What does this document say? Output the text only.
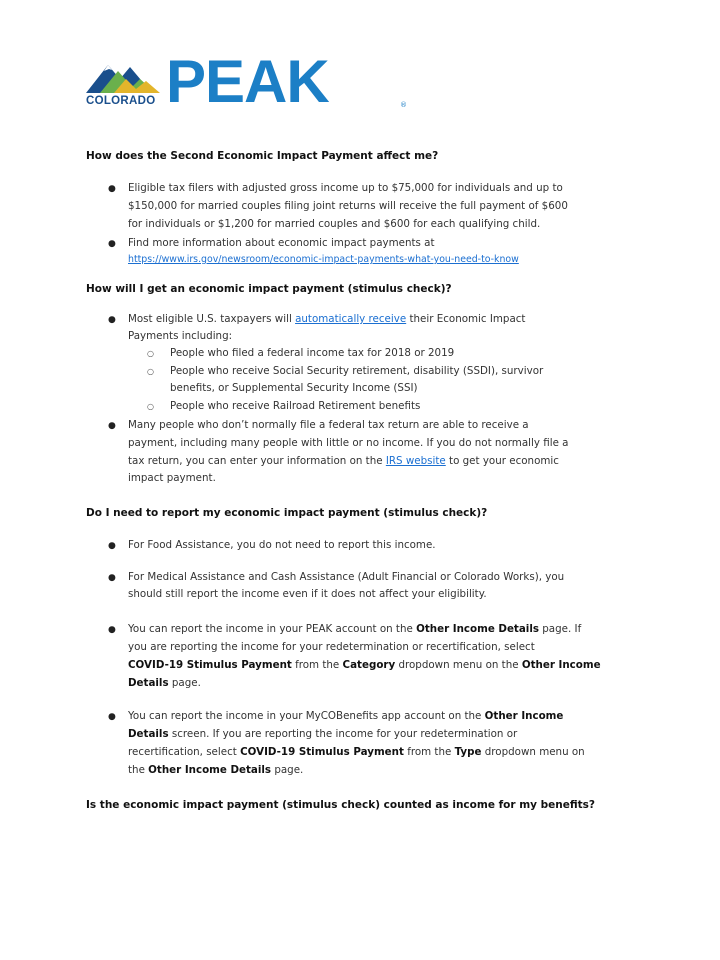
COLORADO PEAK	®
How does the Second Economic Impact Payment affect me?
● Eligible tax filers with adjusted gross income up to $75,000 for individuals and up to
$150,000 for married couples filing joint returns will receive the full payment of $600
for individuals or $1,200 for married couples and $600 for each qualifying child.
● Find more information about economic impact payments at
https://www.irs.gov/newsroom/economic-impact-payments-what-you-need-to-know
How will I get an economic impact payment (stimulus check)?
● Most eligible U.S. taxpayers will automatically receive their Economic Impact
Payments including:
○ People who filed a federal income tax for 2018 or 2019
○ People who receive Social Security retirement, disability (SSDI), survivor
benefits, or Supplemental Security Income (SSI)
○ People who receive Railroad Retirement benefits
● Many people who don’t normally file a federal tax return are able to receive a
payment, including many people with little or no income. If you do not normally file a
tax return, you can enter your information on the IRS website to get your economic
impact payment.
Do I need to report my economic impact payment (stimulus check)?
● For Food Assistance, you do not need to report this income.
● For Medical Assistance and Cash Assistance (Adult Financial or Colorado Works), you
should still report the income even if it does not affect your eligibility.
● You can report the income in your PEAK account on the Other Income Details page. If
you are reporting the income for your redetermination or recertification, select
COVID-19 Stimulus Payment from the Category dropdown menu on the Other Income
Details page.
● You can report the income in your MyCOBenefits app account on the Other Income
Details screen. If you are reporting the income for your redetermination or
recertification, select COVID-19 Stimulus Payment from the Type dropdown menu on
the Other Income Details page.
Is the economic impact payment (stimulus check) counted as income for my benefits?
